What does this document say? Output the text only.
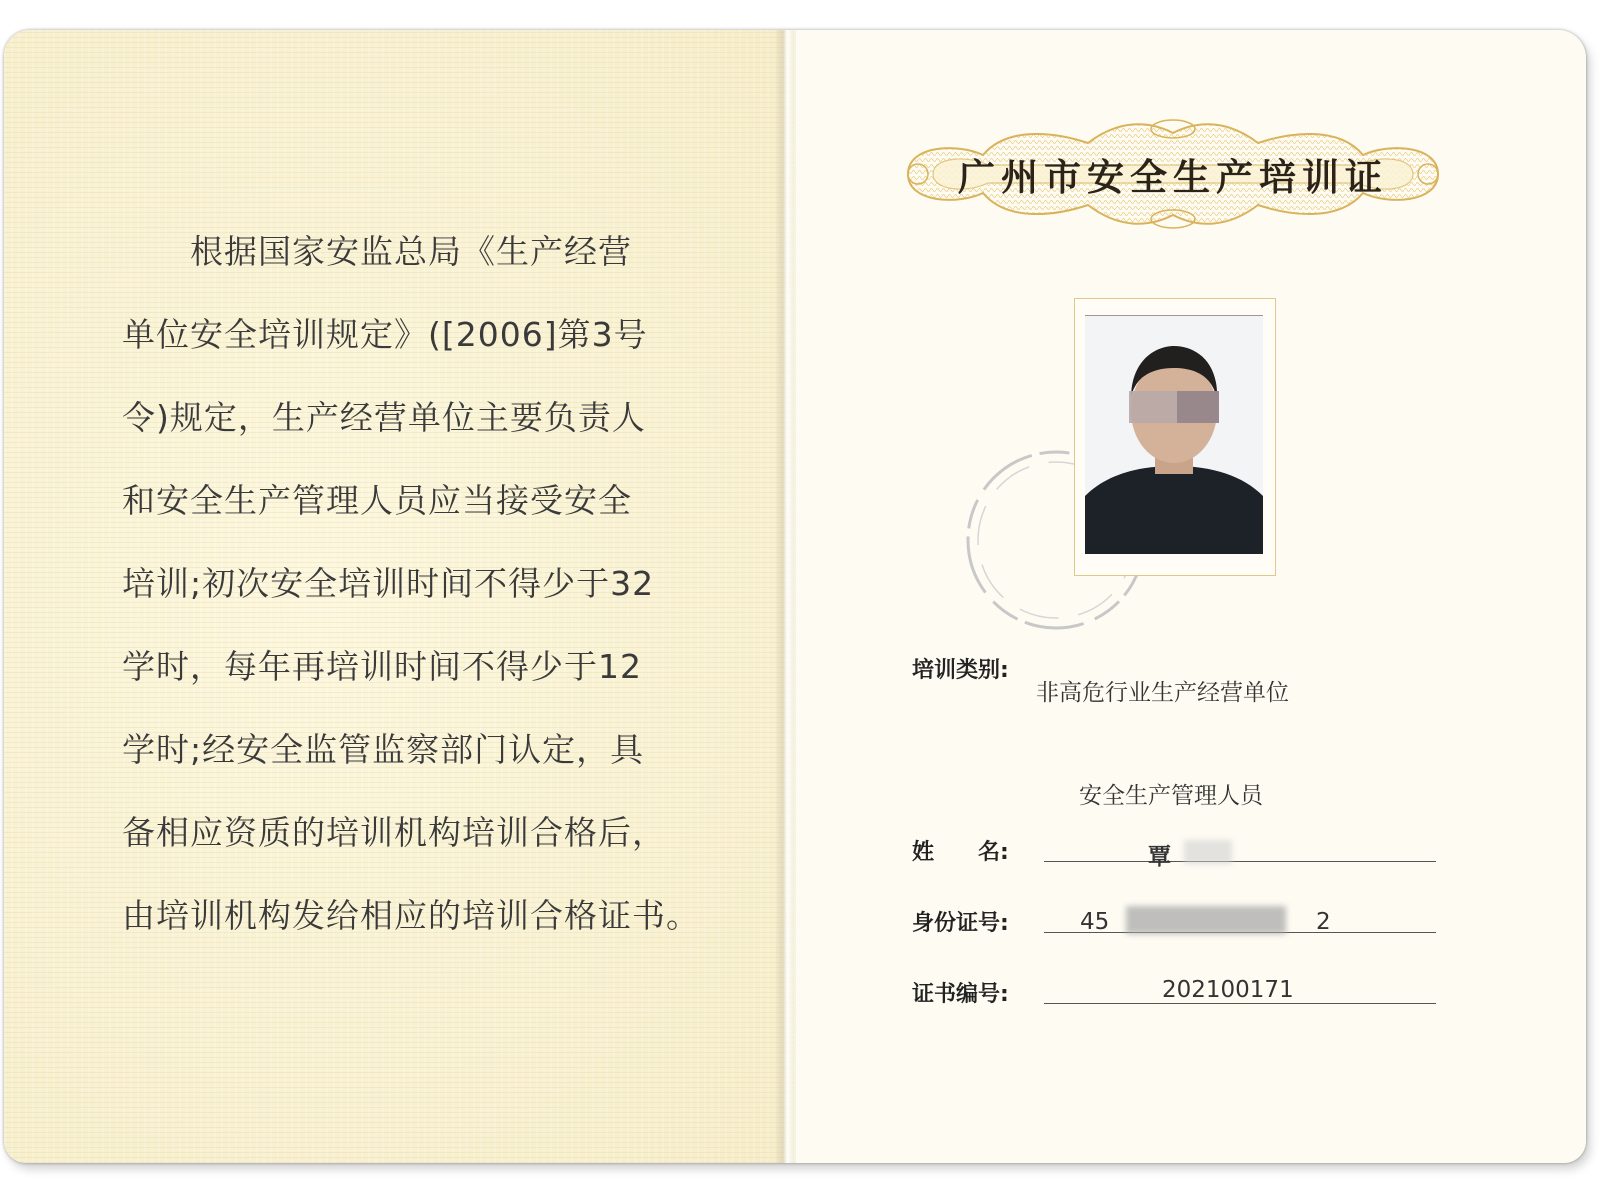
　　根据国家安监总局《生产经营

单位安全培训规定》([2006]第3号

令)规定，生产经营单位主要负责人

和安全生产管理人员应当接受安全

培训;初次安全培训时间不得少于32

学时，每年再培训时间不得少于12

学时;经安全监管监察部门认定，具

备相应资质的培训机构培训合格后，

由培训机构发给相应的培训合格证书。

广州市安全生产培训证
培训类别:
非高危行业生产经营单位
安全生产管理人员
姓　　名:	覃
身份证号:	45	2
证书编号:	202100171
